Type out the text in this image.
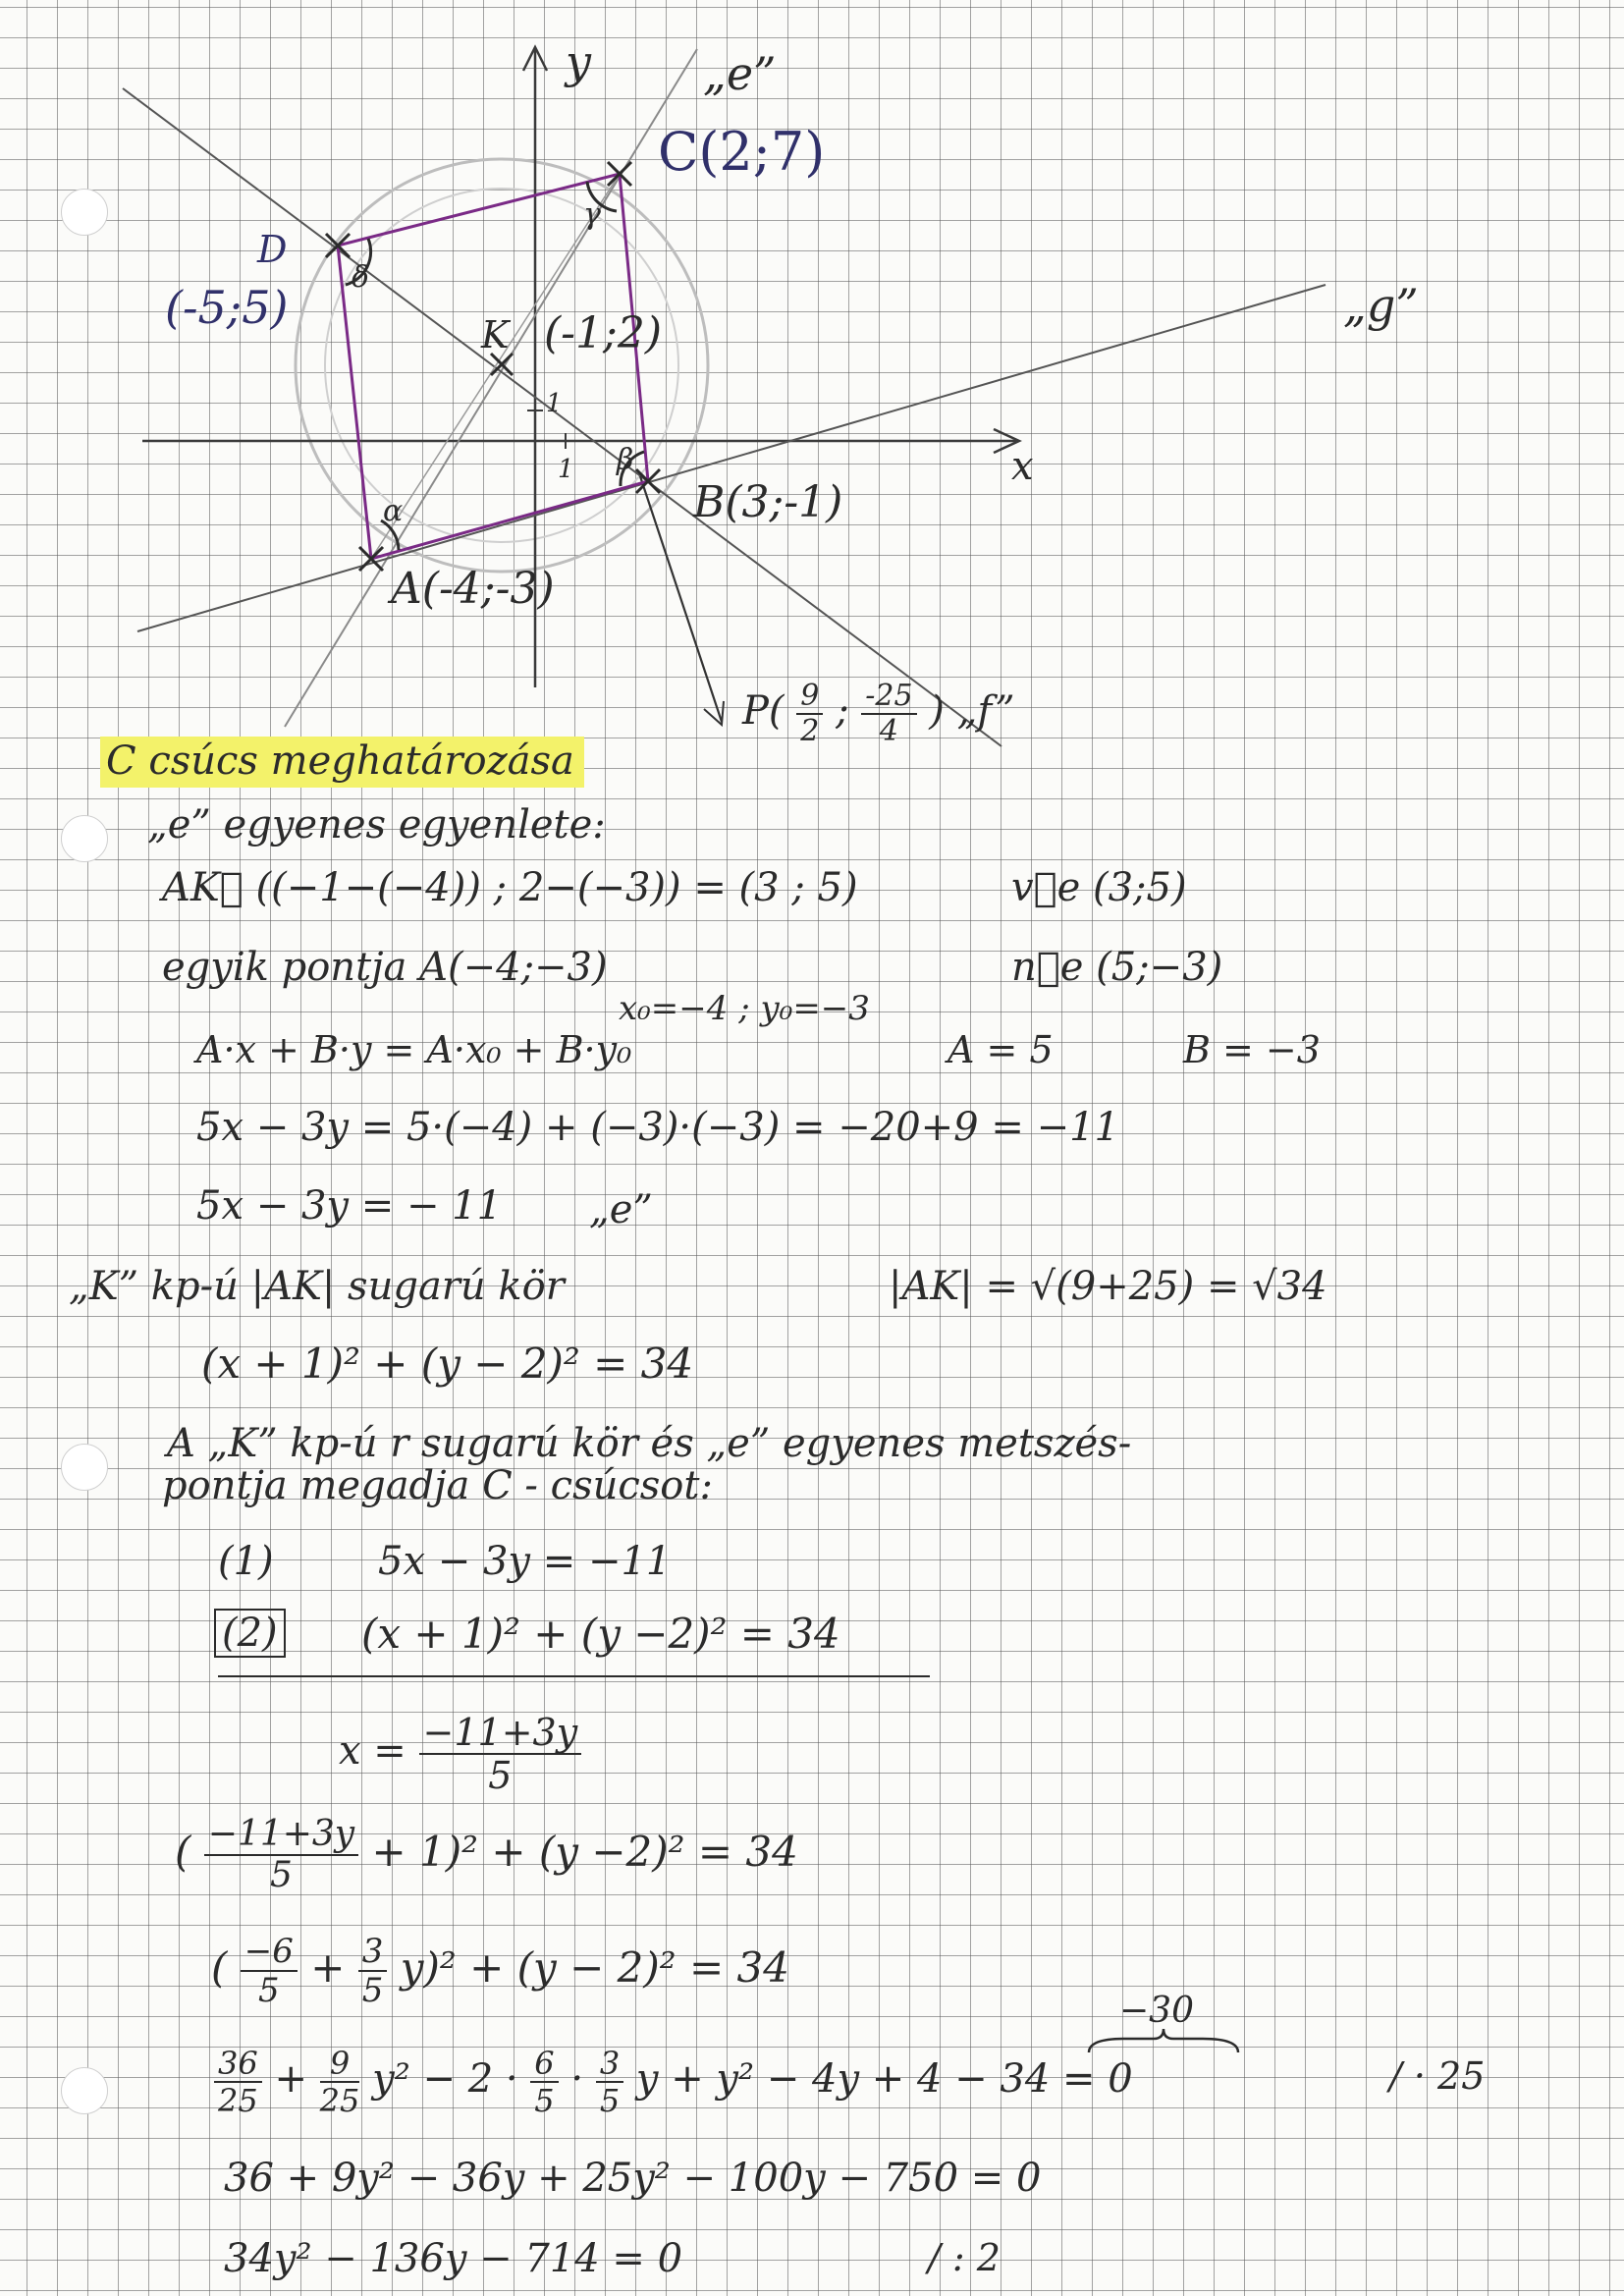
α
β
γ
δ
y
x
1
1
C(2;7)
D
(-5;5)
K (-1;2)
B(3;-1)
A(-4;-3)
„e”
„g”
$P( \frac{9}{2}$ ; $\frac{-25}{4}$ ) „f”
C csúcs meghatározása
„e” egyenes egyenlete:
AK⃗ ((−1−(−4)) ; 2−(−3)) = (3 ; 5)	v⃗e (3;5)
egyik pontja A(−4;−3)	n⃗e (5;−3)
x₀=−4 ; y₀=−3
A·x + B·y = A·x₀ + B·y₀	A = 5	B = −3
5x − 3y = 5·(−4) + (−3)·(−3) = −20+9 = −11
5x − 3y = − 11 „e”
„K” kp-ú |AK| sugarú kör	|AK| = √(9+25) = √34
(x + 1)² + (y − 2)² = 34
A „K” kp-ú r sugarú kör és „e” egyenes metszés-
pontja megadja C - csúcsot:
(1)	5x − 3y = −11
(2) (x + 1)² + (y −2)² = 34
$x = \frac{-11+3y}{5}$
( $\frac{-11+3y}{5} + 1)^2 + (y -2)^2 = 34$
( $\frac{-6}{5} + \frac{3}{5} y)^2 + (y - 2)^2 = 34$
−30
$\frac{36}{25} + \frac{9}{25} y^2 - 2 \cdot \frac{6}{5} \cdot \frac{3}{5}$ y + y² − 4y + 4 − 34 = 0	/ · 25
36 + 9y² − 36y + 25y² − 100y − 750 = 0
34y² − 136y − 714 = 0	/ : 2
